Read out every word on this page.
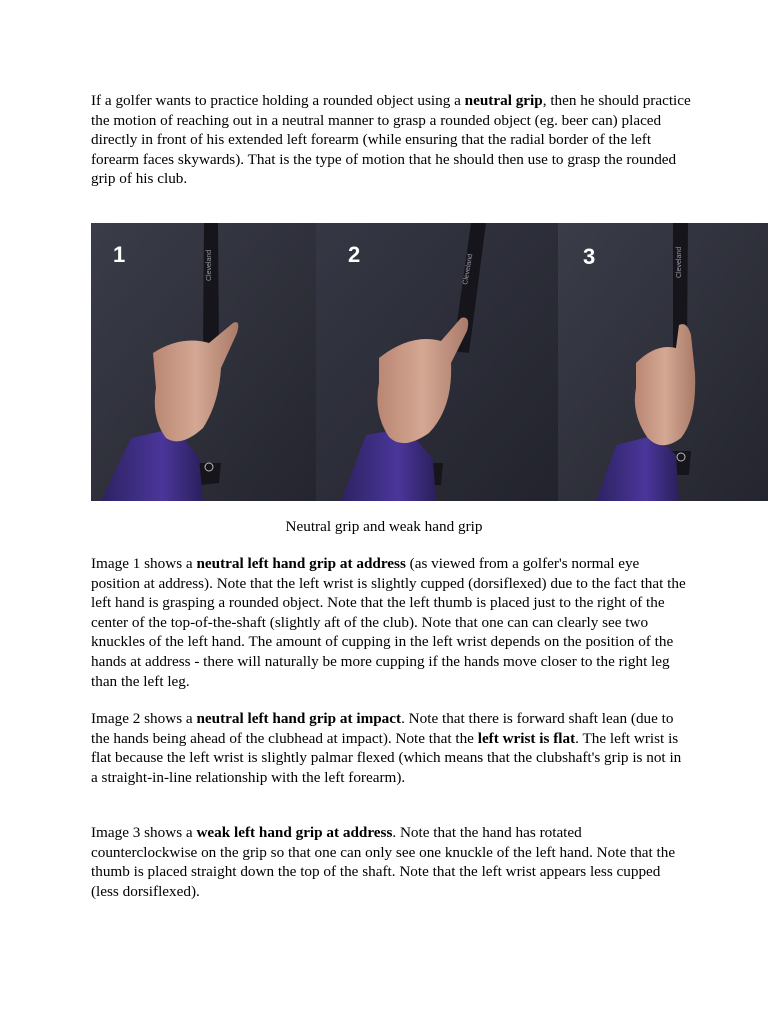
If a golfer wants to practice holding a rounded object using a neutral grip, then he should practice the motion of reaching out in a neutral manner to grasp a rounded object (eg. beer can) placed directly in front of his extended left forearm (while ensuring that the radial border of the left forearm faces skywards). That is the type of motion that he should then use to grasp the rounded grip of his club.

Cleveland
1	Cleveland
2	Cleveland
3
Neutral grip and weak hand grip

Image 1 shows a neutral left hand grip at address (as viewed from a golfer's normal eye position at address). Note that the left wrist is slightly cupped (dorsiflexed) due to the fact that the left hand is grasping a rounded object. Note that the left thumb is placed just to the right of the center of the top-of-the-shaft (slightly aft of the club). Note that one can can clearly see two knuckles of the left hand. The amount of cupping in the left wrist depends on the position of the hands at address - there will naturally be more cupping if the hands move closer to the right leg than the left leg.

Image 2 shows a neutral left hand grip at impact. Note that there is forward shaft lean (due to the hands being ahead of the clubhead at impact). Note that the left wrist is flat. The left wrist is flat because the left wrist is slightly palmar flexed (which means that the clubshaft's grip is not in a straight-in-line relationship with the left forearm).

Image 3 shows a weak left hand grip at address. Note that the hand has rotated counterclockwise on the grip so that one can only see one knuckle of the left hand. Note that the thumb is placed straight down the top of the shaft. Note that the left wrist appears less cupped (less dorsiflexed).
